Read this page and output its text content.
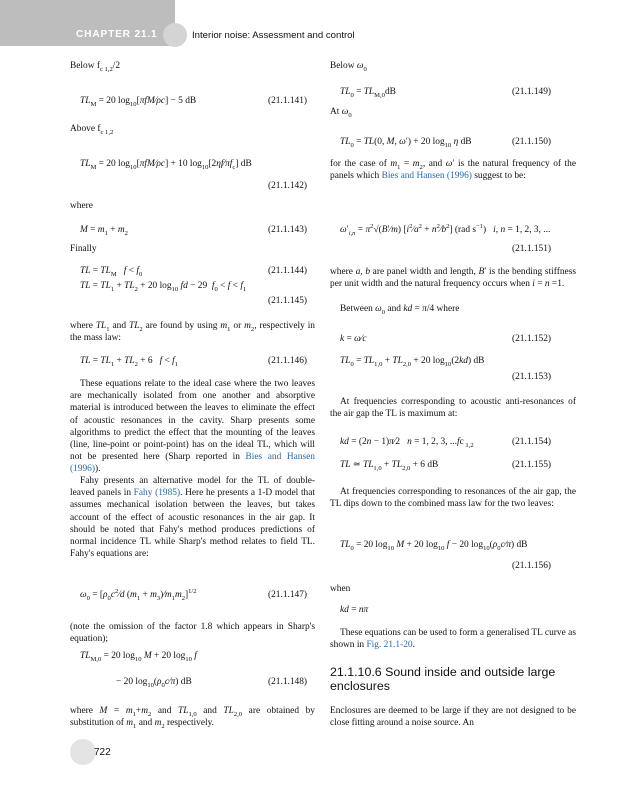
CHAPTER 21.1	Interior noise: Assessment and control
Below $f_{c 1,2}/2$
$TL_M = 20$ $\log_{10}[\pi fM⁄\rho c] - 5$ dB	(21.1.141)
Above $f_{c 1,2}$
$TL_M = 20$ $\log_{10}[\pi fM⁄\rho c] + 10$ $\log_{10}[2\eta f⁄\pi f_c]$ dB
(21.1.142)
where
$M = m_1 + m_2$	(21.1.143)
Finally
TL = $TL_M$ $f < f_0$	(21.1.144)
TL = $TL_1 + TL_2 + 20$ $\log_{10}$ fd − 29  $f_0 < f < f_1$
(21.1.145)
where $TL_1$ and $TL_2$ are found by using $m_1$ or $m_2$, respectively in the mass law:
TL = $TL_1 + TL_2 + 6$   $f < f_1$	(21.1.146)
These equations relate to the ideal case where the two leaves are mechanically isolated from one another and absorptive material is introduced between the leaves to eliminate the effect of acoustic resonances in the cavity. Sharp presents some algorithms to predict the effect that the mounting of the leaves (line, line-point or point-point) has on the ideal TL, which will not be presented here (Sharp reported in Bies and Hansen (1996)).
Fahy presents an alternative model for the TL of double-leaved panels in Fahy (1985). Here he presents a 1-D model that assumes mechanical isolation between the leaves, but takes account of the effect of acoustic resonances in the air gap. It should be noted that Fahy's method produces predictions of normal incidence TL while Sharp's method relates to field TL. Fahy's equations are:
$\omega_0$ = [$\rho_0c^2⁄d$ ($m_1$ + $m_3)⁄m_1m_2]^{1/2}$	(21.1.147)
(note the omission of the factor 1.8 which appears in Sharp's equation);
$TL_{M,0} = 20$ $\log_{10} M + 20$ $\log_{10} f$
− 20 $\log_{10}(\rho_0c⁄\pi)$ dB	(21.1.148)
where $M = m_1+m_2$ and $TL_{1,0}$ and $TL_{2,0}$ are obtained by substitution of $m_1$ and $m_2$ respectively.
Below $\omega_0$
$TL_0 = TL_{M,0}dB$	(21.1.149)
At $\omega_0$
$TL_0 = TL(0$, M, ω′) + 20 $\log_{10} \eta$ dB	(21.1.150)
for the case of $m_1 = m_2$, and ω′ is the natural frequency of the panels which Bies and Hansen (1996) suggest to be:
$\omega'_{i,n}$ = $\pi^2√(B'⁄m)$ [$i^2⁄a^2$ + $n^2⁄b^2$] (rad $s^{-1}$)   i, n = 1, 2, 3, ...
(21.1.151)
where a, b are panel width and length, B′ is the bending stiffness per unit width and the natural frequency occurs when i = n =1.
Between $\omega_0$ and kd = π/4 where
k = ω⁄c	(21.1.152)
$TL_0 = TL_{1,0} + TL_{2,0} + 20$ $\log_{10}(2kd)$ dB
(21.1.153)
At frequencies corresponding to acoustic anti-resonances of the air gap the TL is maximum at:
kd = (2n − 1)π⁄2   n = 1, 2, 3, ...fc $_{1,2}$	(21.1.154)
TL ≃ $TL_{1,0} + TL_{2,0} + 6$ dB	(21.1.155)
At frequencies corresponding to resonances of the air gap, the TL dips down to the combined mass law for the two leaves:
$TL_0 = 20$ $\log_{10} M + 20$ $\log_{10} f - 20$ $\log_{10}(\rho_0c⁄\pi)$ dB
(21.1.156)
when
kd = nπ
These equations can be used to form a generalised TL curve as shown in Fig. 21.1-20.
21.1.10.6 Sound inside and outside large enclosures
Enclosures are deemed to be large if they are not designed to be close fitting around a noise source. An
722
